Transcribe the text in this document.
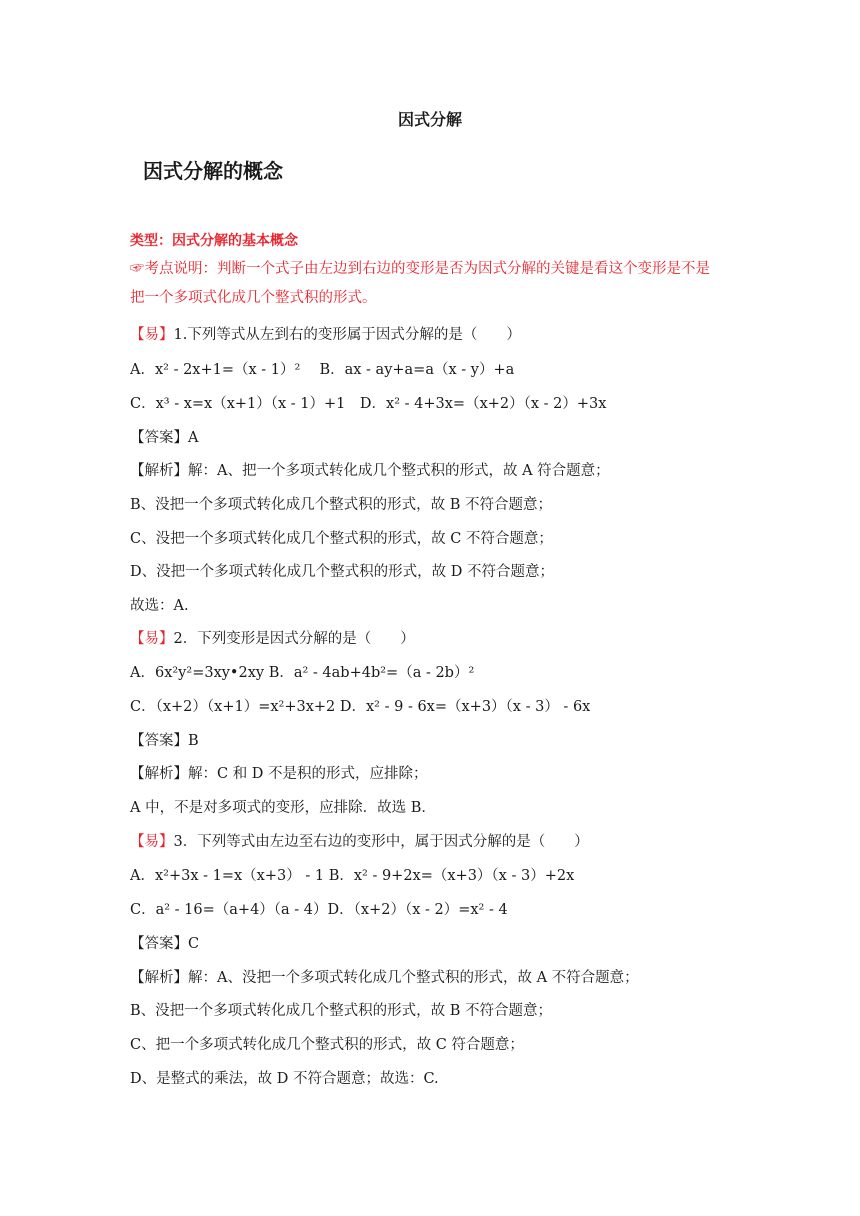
因式分解
因式分解的概念
类型：因式分解的基本概念
☞考点说明：判断一个式子由左边到右边的变形是否为因式分解的关键是看这个变形是不是
把一个多项式化成几个整式积的形式。
【易】1.下列等式从左到右的变形属于因式分解的是（　　）
A．x² ‑ 2x+1=（x ‑ 1）²　 B．ax ‑ ay+a=a（x ‑ y）+a
C．x³ ‑ x=x（x+1）（x ‑ 1）+1　D．x² ‑ 4+3x=（x+2）（x ‑ 2）+3x
【答案】A
【解析】解：A、把一个多项式转化成几个整式积的形式，故 A 符合题意；
B、没把一个多项式转化成几个整式积的形式，故 B 不符合题意；
C、没把一个多项式转化成几个整式积的形式，故 C 不符合题意；
D、没把一个多项式转化成几个整式积的形式，故 D 不符合题意；
故选：A.
【易】2．下列变形是因式分解的是（　　）
A．6x²y²=3xy•2xy B．a² ‑ 4ab+4b²=（a ‑ 2b）²
C．（x+2）（x+1）=x²+3x+2 D．x² ‑ 9 ‑ 6x=（x+3）（x ‑ 3） ‑ 6x
【答案】B
【解析】解：C 和 D 不是积的形式，应排除；
A 中，不是对多项式的变形，应排除．故选 B．
【易】3．下列等式由左边至右边的变形中，属于因式分解的是（　　）
A．x²+3x ‑ 1=x（x+3） ‑ 1 B．x² ‑ 9+2x=（x+3）（x ‑ 3）+2x
C．a² ‑ 16=（a+4）（a ‑ 4）D．（x+2）（x ‑ 2）=x² ‑ 4
【答案】C
【解析】解：A、没把一个多项式转化成几个整式积的形式，故 A 不符合题意；
B、没把一个多项式转化成几个整式积的形式，故 B 不符合题意；
C、把一个多项式转化成几个整式积的形式，故 C 符合题意；
D、是整式的乘法，故 D 不符合题意；故选：C.
